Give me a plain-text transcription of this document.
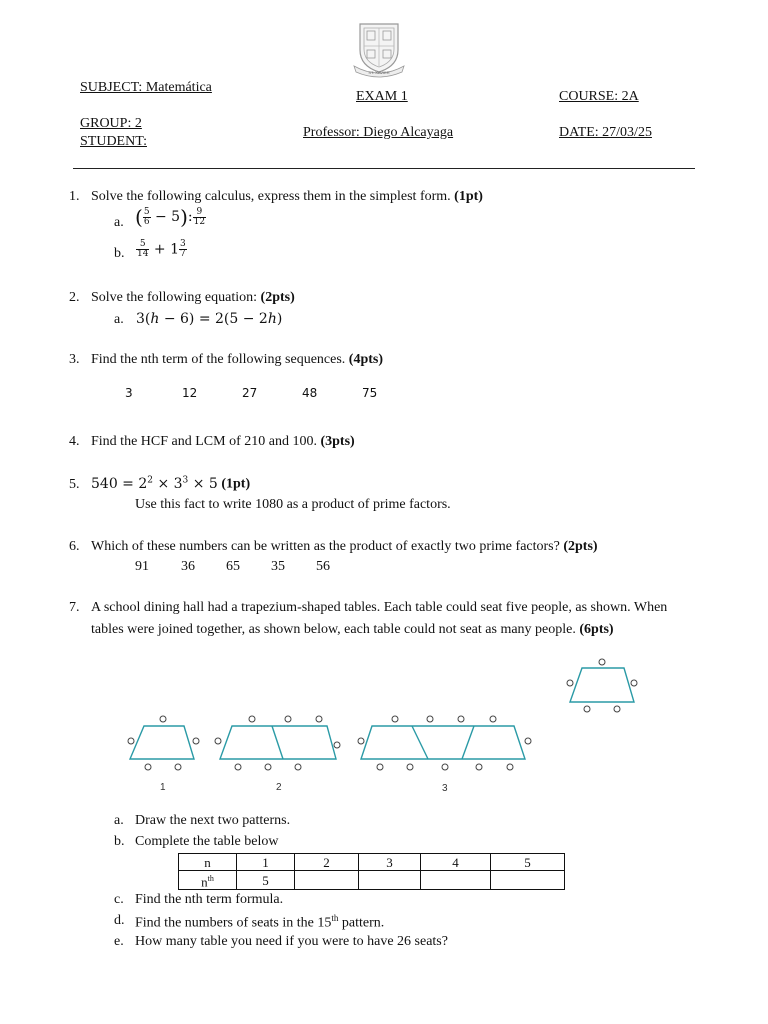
ST. XAVIER
SUBJECT: Matemática
EXAM 1	COURSE: 2A
GROUP: 2
STUDENT:
Professor: Diego Alcayaga	DATE: 27/03/25
1. Solve the following calculus, express them in the simplest form. (1pt)
a. ( $\frac{5}{6} - 5$): $\frac{9}{12}$
b. $\frac{5}{14} + 1 \frac{3}{7}$
2. Solve the following equation: (2pts)
a. 3(ℎ − 6) = 2(5 − 2ℎ)
3. Find the nth term of the following sequences. (4pts)
3	12	27	48	75
4. Find the HCF and LCM of 210 and 100. (3pts)
5. $540 = 2^2 \times 3^3 \times 5$ (1pt)
Use this fact to write 1080 as a product of prime factors.
6. Which of these numbers can be written as the product of exactly two prime factors? (2pts)
91 36 65 35 56
7. A school dining hall had a trapezium-shaped tables. Each table could seat five people, as shown. When
tables were joined together, as shown below, each table could not seat as many people. (6pts)
1	2	3
a. Draw the next two patterns.
b. Complete the table below
n	1	2	3	4	5
$n^{th}$	5				
c. Find the nth term formula.
d. Find the numbers of seats in the 15th pattern.
e. How many table you need if you were to have 26 seats?
